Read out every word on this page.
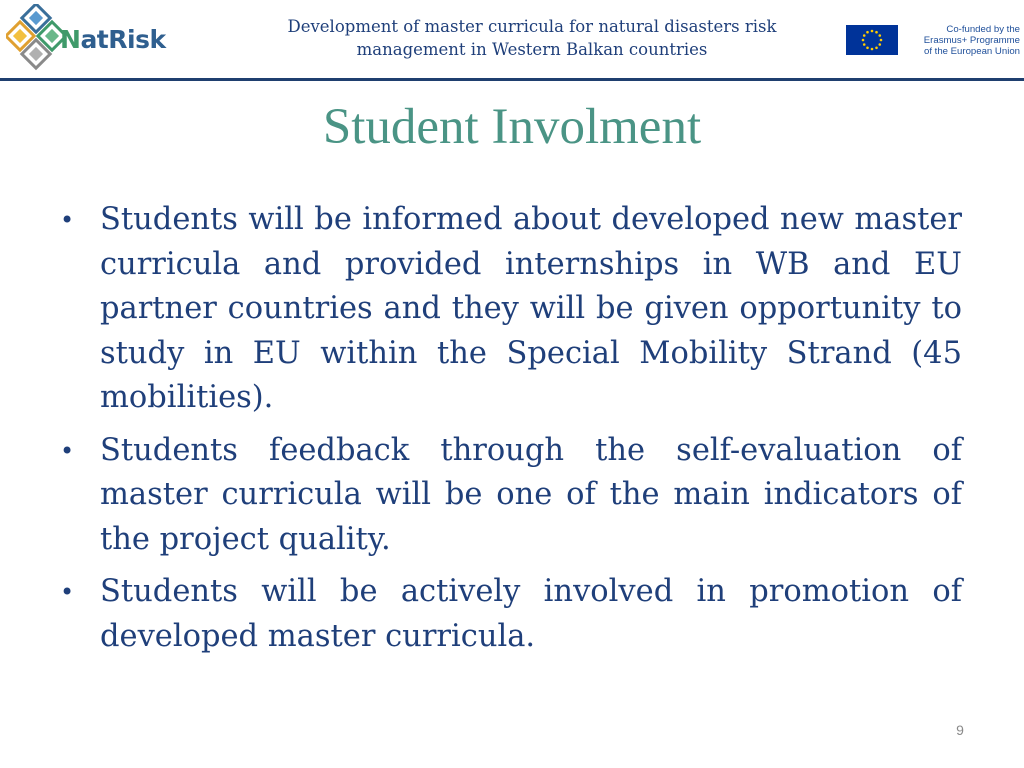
NatRisk	Development of master curricula for natural disasters risk
management in Western Balkan countries
Co-funded by the
Erasmus+ Programme
of the European Union
Student Involment
• Students will be informed about developed new master curricula and provided internships in WB and EU partner countries and they will be given opportunity to study in EU within the Special Mobility Strand (45 mobilities).
• Students feedback through the self-evaluation of master curricula will be one of the main indicators of the project quality.
• Students will be actively involved in promotion of developed master curricula.
9
